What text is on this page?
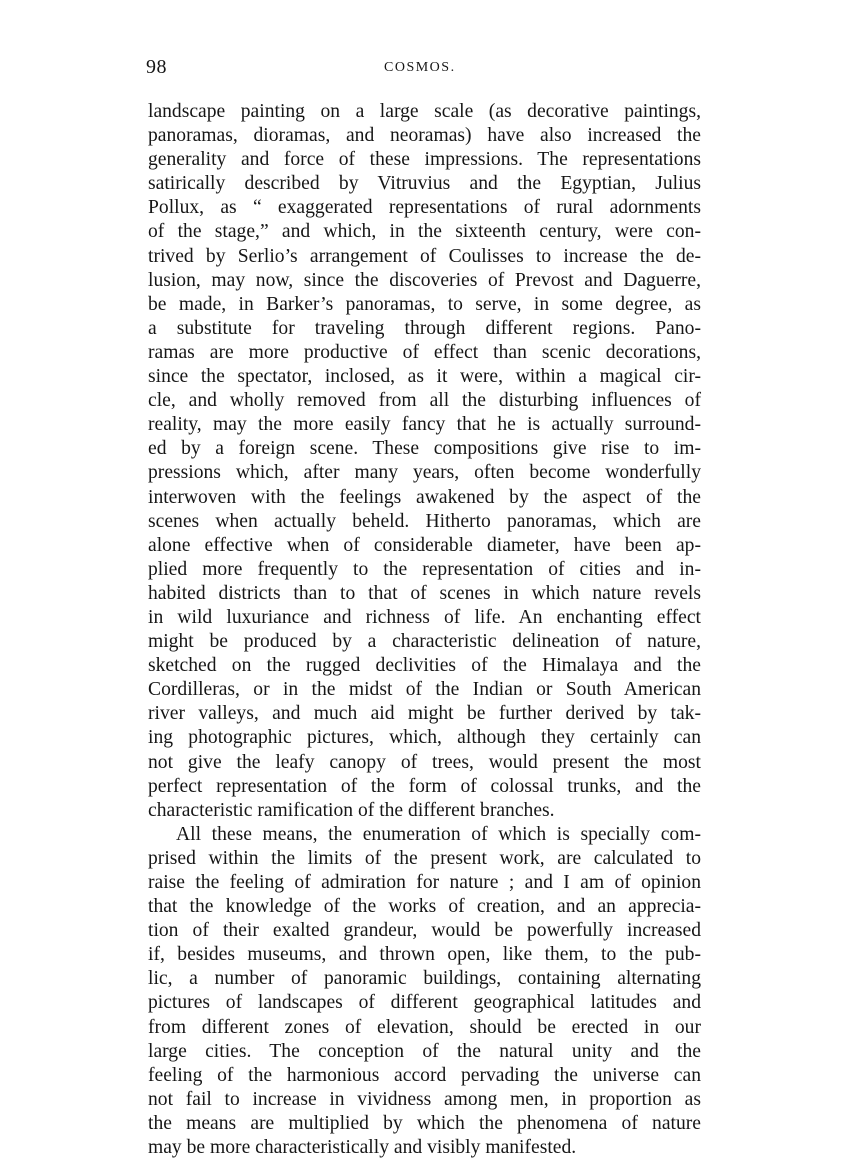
98	COSMOS.
landscape painting on a large scale (as decorative paintings,
panoramas, dioramas, and neoramas) have also increased the
generality and force of these impressions. The representations
satirically described by Vitruvius and the Egyptian, Julius
Pollux, as “ exaggerated representations of rural adornments
of the stage,” and which, in the sixteenth century, were con-
trived by Serlio’s arrangement of Coulisses to increase the de-
lusion, may now, since the discoveries of Prevost and Daguerre,
be made, in Barker’s panoramas, to serve, in some degree, as
a substitute for traveling through different regions. Pano-
ramas are more productive of effect than scenic decorations,
since the spectator, inclosed, as it were, within a magical cir-
cle, and wholly removed from all the disturbing influences of
reality, may the more easily fancy that he is actually surround-
ed by a foreign scene. These compositions give rise to im-
pressions which, after many years, often become wonderfully
interwoven with the feelings awakened by the aspect of the
scenes when actually beheld. Hitherto panoramas, which are
alone effective when of considerable diameter, have been ap-
plied more frequently to the representation of cities and in-
habited districts than to that of scenes in which nature revels
in wild luxuriance and richness of life. An enchanting effect
might be produced by a characteristic delineation of nature,
sketched on the rugged declivities of the Himalaya and the
Cordilleras, or in the midst of the Indian or South American
river valleys, and much aid might be further derived by tak-
ing photographic pictures, which, although they certainly can
not give the leafy canopy of trees, would present the most
perfect representation of the form of colossal trunks, and the
characteristic ramification of the different branches.
All these means, the enumeration of which is specially com-
prised within the limits of the present work, are calculated to
raise the feeling of admiration for nature ; and I am of opinion
that the knowledge of the works of creation, and an apprecia-
tion of their exalted grandeur, would be powerfully increased
if, besides museums, and thrown open, like them, to the pub-
lic, a number of panoramic buildings, containing alternating
pictures of landscapes of different geographical latitudes and
from different zones of elevation, should be erected in our
large cities. The conception of the natural unity and the
feeling of the harmonious accord pervading the universe can
not fail to increase in vividness among men, in proportion as
the means are multiplied by which the phenomena of nature
may be more characteristically and visibly manifested.
